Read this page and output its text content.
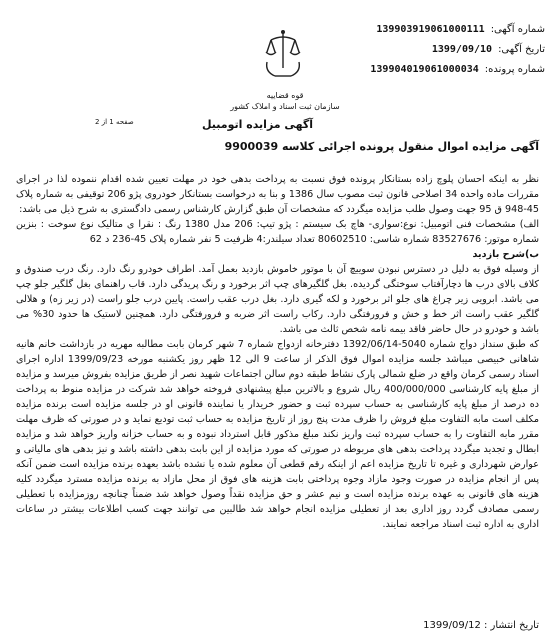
شماره آگهی:
139903919061000111
تاریخ آگهی:
1399/09/10
شماره پرونده:
139904019061000034
قوه قضاییه
سازمان ثبت اسناد و املاک کشور
صفحه 1 از 2	آگهی مزایده اتومبیل
آگهی مزایده اموال منقول پرونده اجرائی کلاسه 9900039

نظر به اینکه احسان پلوچ زاده بستانکار پرونده فوق نسبت به پرداخت بدهی خود در مهلت تعیین شده اقدام ننموده لذا در اجرای مقررات ماده واحده 34 اصلاحی قانون ثبت مصوب سال 1386 و بنا به درخواست بستانکار خودروی پژو 206 توقیفی به شماره پلاک 45-948 ق 95 جهت وصول طلب مزایده میگردد که مشخصات آن طبق گزارش کارشناس رسمی دادگستری به شرح ذیل می باشد:

الف) مشخصات فنی اتومبیل: نوع:سواری- هاچ بک سیستم : پژو تیپ: 206 مدل 1380 رنگ : نقرا ی متالیک نوع سوخت : بنزین شماره موتور: 83527676 شماره شاسی: 80602510 تعداد سیلندر:4 ظرفیت 5 نفر شماره پلاک 45-236 د 62

ب)شرح بازدید

از وسیله فوق به دلیل در دسترس نبودن سوییچ آن با موتور خاموش بازدید بعمل آمد. اطراف خودرو رنگ دارد. رنگ درب صندوق و کلاف بالای درب ها دچارآفتاب سوختگی گردیده. بغل گلگیرهای چپ اثر برخورد و رنگ پریدگی دارد. قاب راهنمای بغل گلگیر جلو چپ می باشد. ابرویی زیر چراغ های جلو اثر برخورد و لکه گیری دارد. بغل درب عقب راست. پایین درب جلو راست (در زیر زه) و هلالی گلگیر عقب راست اثر خط و خش و فرورفتگی دارد. رکاب راست اثر ضربه و فرورفتگی دارد. همچنین لاستیک ها حدود 30% می باشد و خودرو در حال حاضر فاقد بیمه نامه شخص ثالث می باشد.

که طبق سنداز دواج شماره 5040-1392/06/14 دفترخانه ازدواج شماره 7 شهر کرمان بابت مطالبه مهریه در بازداشت خانم هانیه شاهانی خبیصی میباشد جلسه مزایده اموال فوق الذکر از ساعت 9 الی 12 ظهر روز یکشنبه مورخه 1399/09/23 اداره اجرای اسناد رسمی کرمان واقع در ضلع شمالی پارک نشاط طبقه دوم سالن اجتماعات شهید نصر از طریق مزایده بفروش میرسد و مزایده از مبلغ پایه کارشناسی 400/000/000 ریال شروع و بالاترین مبلغ پیشنهادی فروخته خواهد شد شرکت در مزایده منوط به پرداخت ده درصد از مبلغ پایه کارشناسی به حساب سپرده ثبت و حضور خریدار یا نماینده قانونی او در جلسه مزایده است برنده مزایده مکلف است مابه التفاوت مبلغ فروش را ظرف مدت پنج روز از تاریخ مزایده به حساب ثبت تودیع نماید و در صورتی که ظرف مهلت مقرر مابه التفاوت را به حساب سپرده ثبت واریز نکند مبلغ مذکور قابل استرداد نبوده و به حساب خزانه واریز خواهد شد و مزایده ابطال و تجدید میگردد پرداخت بدهی های مربوطه در صورتی که مورد مزایده از این بابت بدهی داشته باشد و نیز بدهی های مالیاتی و عوارض شهرداری و غیره تا تاریخ مزایده اعم از اینکه رقم قطعی آن معلوم شده یا نشده باشد بعهده برنده مزایده است ضمن آنکه پس از انجام مزایده در صورت وجود مازاد وجوه پرداختی بابت هزینه های فوق از محل مازاد به برنده مزایده مسترد میگردد کلیه هزینه های قانونی به عهده برنده مزایده است و نیم عشر و حق مزایده نقداً وصول خواهد شد ضمناً چنانچه روزمزایده با تعطیلی رسمی مصادف گردد روز اداری بعد از تعطیلی مزایده انجام خواهد شد طالبین می توانند جهت کسب اطلاعات بیشتر در ساعات اداری به اداره ثبت اسناد مراجعه نمایند.

تاریخ انتشار : 1399/09/12
